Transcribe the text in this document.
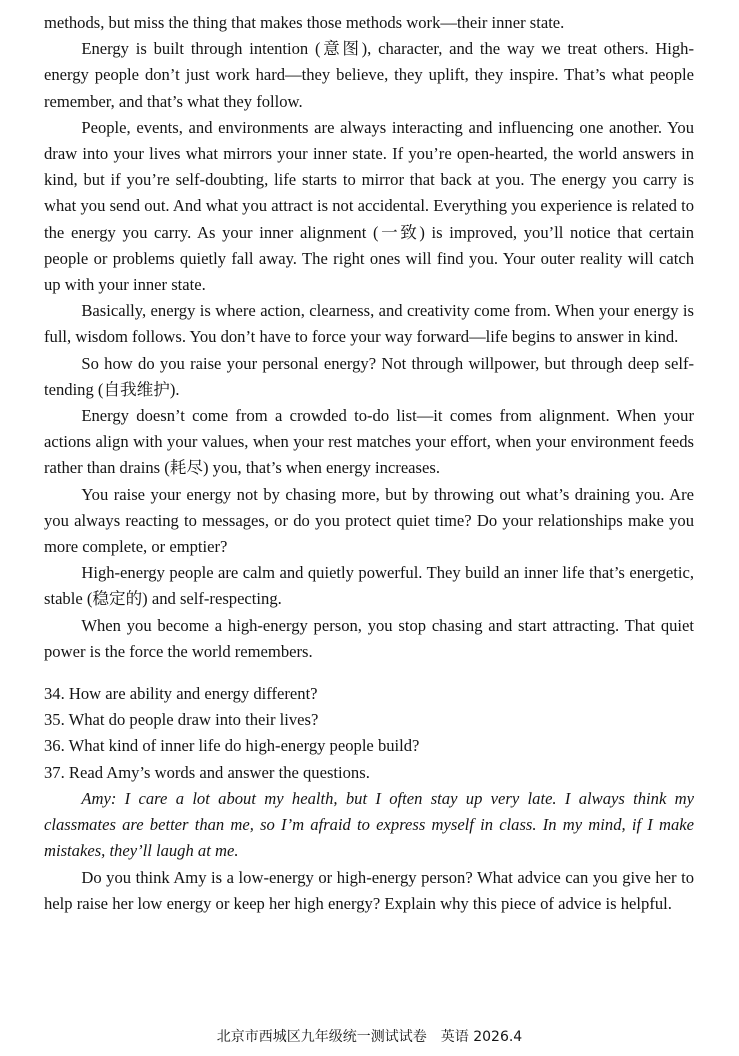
methods, but miss the thing that makes those methods work—their inner state.

Energy is built through intention (意图), character, and the way we treat others. High-energy people don’t just work hard—they believe, they uplift, they inspire. That’s what people remember, and that’s what they follow.

People, events, and environments are always interacting and influencing one another. You draw into your lives what mirrors your inner state. If you’re open-hearted, the world answers in kind, but if you’re self-doubting, life starts to mirror that back at you. The energy you carry is what you send out. And what you attract is not accidental. Everything you experience is related to the energy you carry. As your inner alignment (一致) is improved, you’ll notice that certain people or problems quietly fall away. The right ones will find you. Your outer reality will catch up with your inner state.

Basically, energy is where action, clearness, and creativity come from. When your energy is full, wisdom follows. You don’t have to force your way forward—life begins to answer in kind.

So how do you raise your personal energy? Not through willpower, but through deep self-tending (自我维护).

Energy doesn’t come from a crowded to-do list—it comes from alignment. When your actions align with your values, when your rest matches your effort, when your environment feeds rather than drains (耗尽) you, that’s when energy increases.

You raise your energy not by chasing more, but by throwing out what’s draining you. Are you always reacting to messages, or do you protect quiet time? Do your relationships make you more complete, or emptier?

High-energy people are calm and quietly powerful. They build an inner life that’s energetic, stable (稳定的) and self-respecting.

When you become a high-energy person, you stop chasing and start attracting. That quiet power is the force the world remembers.

34. How are ability and energy different?

35. What do people draw into their lives?

36. What kind of inner life do high-energy people build?

37. Read Amy’s words and answer the questions.

Amy: I care a lot about my health, but I often stay up very late. I always think my classmates are better than me, so I’m afraid to express myself in class. In my mind, if I make mistakes, they’ll laugh at me.

Do you think Amy is a low-energy or high-energy person? What advice can you give her to help raise her low energy or keep her high energy? Explain why this piece of advice is helpful.

北京市西城区九年级统一测试试卷　英语 2026.4
